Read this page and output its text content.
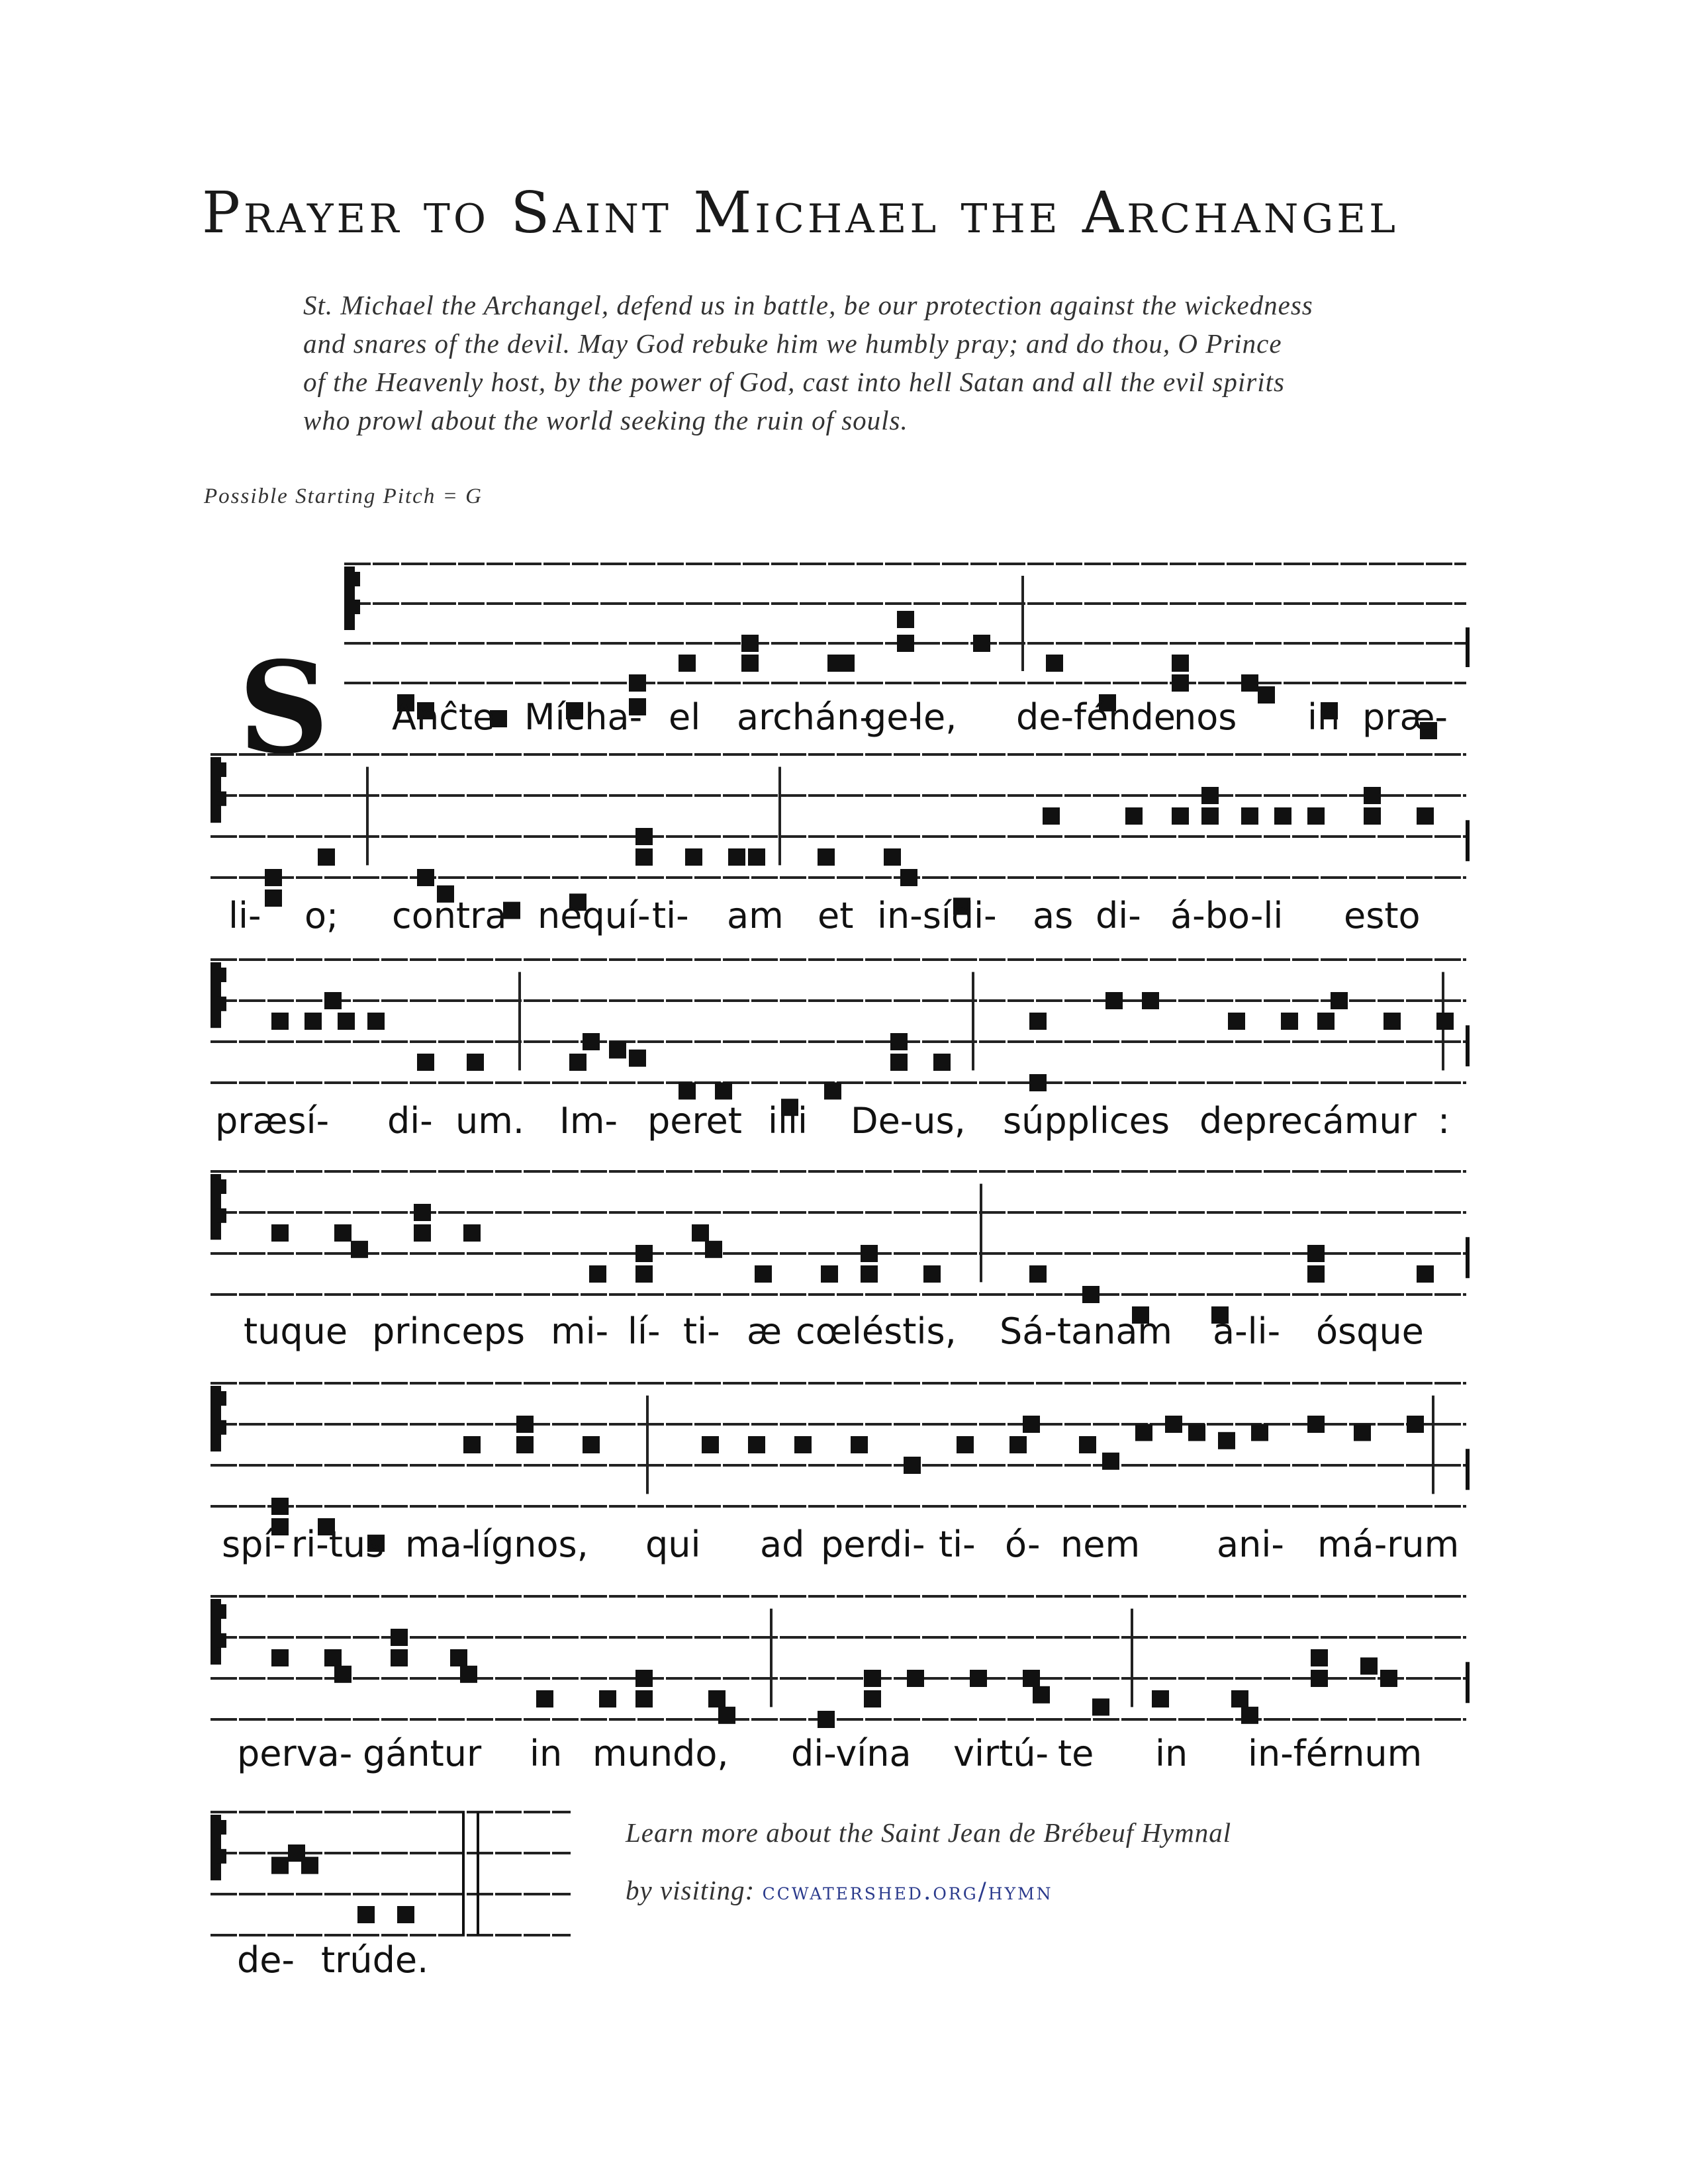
Prayer to Saint Michael the Archangel
St. Michael the Archangel, defend us in battle, be our protection against the wickedness
and snares of the devil. May God rebuke him we humbly pray; and do thou, O Prince
of the Heavenly host, by the power of God, cast into hell Satan and all the evil spirits
who prowl about the world seeking the ruin of souls.
Possible Starting Pitch = G
S Anĉte Mícha- el archán-
ge-
le, de-fénde
nos in præ-
li- o; contra nequí- ti- am et in-sídi- as di- á-bo-li esto
præsí- di- um. Im- peret illi De-us, súpplices deprecámur :
tuque princeps mi- lí- ti- æ cœléstis, Sá-tanam a-li- ósque
spí- ri-tus ma-
lígnos, qui ad perdi- ti- ó- nem ani- má-rum
perva- gántur in mundo, di-vína virtú- te in in-férnum
de- trúde.
Learn more about the Saint Jean de Brébeuf Hymnal
by visiting: ccwatershed.org/hymn
